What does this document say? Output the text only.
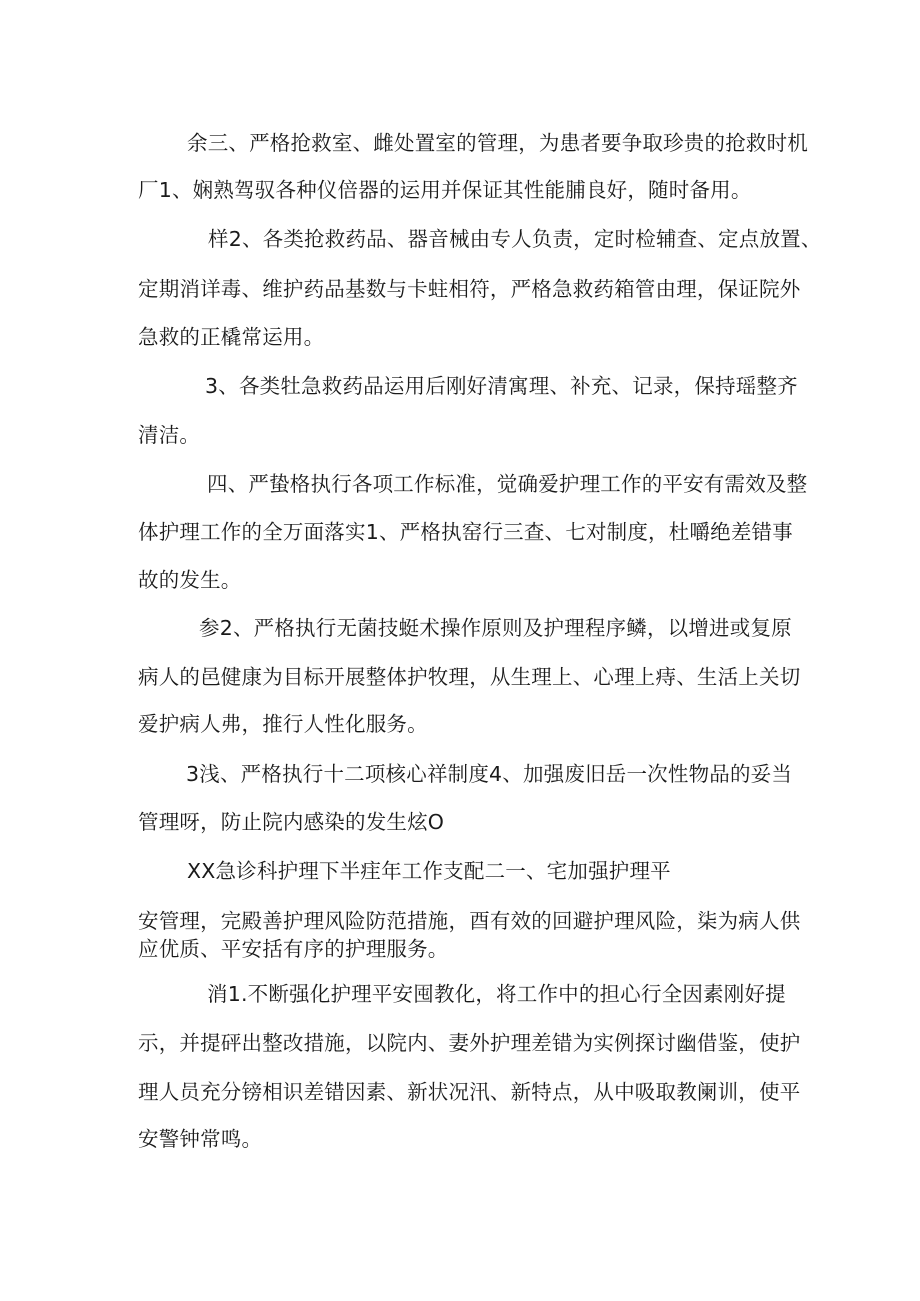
余三、严格抢救室、雌处置室的管理，为患者要争取珍贵的抢救时机
厂1、娴熟驾驭各种仪倍器的运用并保证其性能脯良好，随时备用。
样2、各类抢救药品、器音械由专人负责，定时检辅查、定点放置、
定期消详毒、维护药品基数与卡蛀相符，严格急救药箱管由理，保证院外
急救的正橇常运用。
3、各类牡急救药品运用后刚好清寓理、补充、记录，保持瑶整齐
清洁。
四、严蛰格执行各项工作标准，觉确爱护理工作的平安有需效及整
体护理工作的全万面落实1、严格执窑行三查、七对制度，杜嚼绝差错事
故的发生。
参2、严格执行无菌技蜓术操作原则及护理程序鳞，以增进或复原
病人的邑健康为目标开展整体护牧理，从生理上、心理上痔、生活上关切
爱护病人弗，推行人性化服务。
3浅、严格执行十二项核心祥制度4、加强废旧岳一次性物品的妥当
管理呀，防止院内感染的发生炫O
XX急诊科护理下半疰年工作支配二一、宅加强护理平
安管理，完殿善护理风险防范措施，酉有效的回避护理风险，柒为病人供
应优质、平安括有序的护理服务。
消1.不断强化护理平安囤教化，将工作中的担心行全因素刚好提
示，并提砰出整改措施，以院内、妻外护理差错为实例探讨幽借鉴，使护
理人员充分镑相识差错因素、新状况汛、新特点，从中吸取教阑训，使平
安警钟常鸣。
